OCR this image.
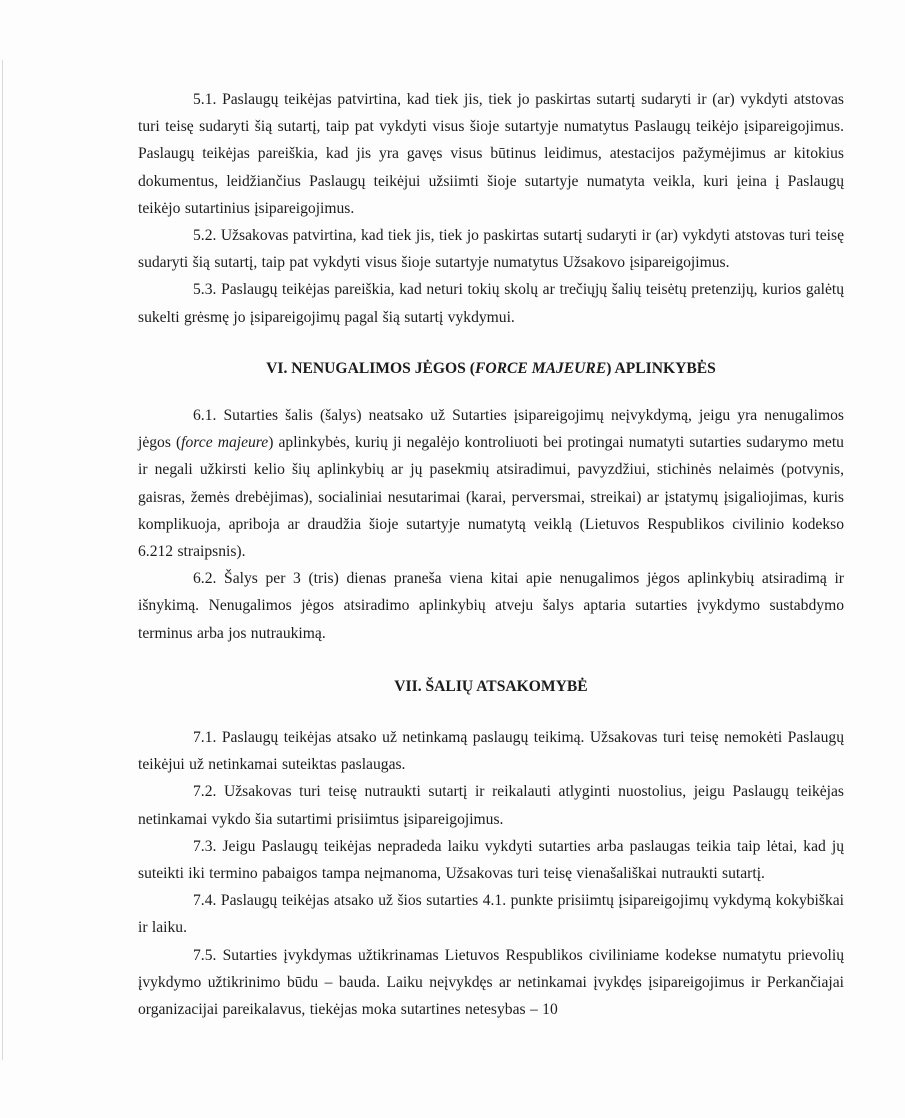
5.1. Paslaugų teikėjas patvirtina, kad tiek jis, tiek jo paskirtas sutartį sudaryti ir (ar) vykdyti atstovas turi teisę sudaryti šią sutartį, taip pat vykdyti visus šioje sutartyje numatytus Paslaugų teikėjo įsipareigojimus. Paslaugų teikėjas pareiškia, kad jis yra gavęs visus būtinus leidimus, atestacijos pažymėjimus ar kitokius dokumentus, leidžiančius Paslaugų teikėjui užsiimti šioje sutartyje numatyta veikla, kuri įeina į Paslaugų teikėjo sutartinius įsipareigojimus.

5.2. Užsakovas patvirtina, kad tiek jis, tiek jo paskirtas sutartį sudaryti ir (ar) vykdyti atstovas turi teisę sudaryti šią sutartį, taip pat vykdyti visus šioje sutartyje numatytus Užsakovo įsipareigojimus.

5.3. Paslaugų teikėjas pareiškia, kad neturi tokių skolų ar trečiųjų šalių teisėtų pretenzijų, kurios galėtų sukelti grėsmę jo įsipareigojimų pagal šią sutartį vykdymui.

VI. NENUGALIMOS JĖGOS (FORCE MAJEURE) APLINKYBĖS

6.1. Sutarties šalis (šalys) neatsako už Sutarties įsipareigojimų neįvykdymą, jeigu yra nenugalimos jėgos (force majeure) aplinkybės, kurių ji negalėjo kontroliuoti bei protingai numatyti sutarties sudarymo metu ir negali užkirsti kelio šių aplinkybių ar jų pasekmių atsiradimui, pavyzdžiui, stichinės nelaimės (potvynis, gaisras, žemės drebėjimas), socialiniai nesutarimai (karai, perversmai, streikai) ar įstatymų įsigaliojimas, kuris komplikuoja, apriboja ar draudžia šioje sutartyje numatytą veiklą (Lietuvos Respublikos civilinio kodekso 6.212 straipsnis).

6.2. Šalys per 3 (tris) dienas praneša viena kitai apie nenugalimos jėgos aplinkybių atsiradimą ir išnykimą. Nenugalimos jėgos atsiradimo aplinkybių atveju šalys aptaria sutarties įvykdymo sustabdymo terminus arba jos nutraukimą.

VII. ŠALIŲ ATSAKOMYBĖ

7.1. Paslaugų teikėjas atsako už netinkamą paslaugų teikimą. Užsakovas turi teisę nemokėti Paslaugų teikėjui už netinkamai suteiktas paslaugas.

7.2. Užsakovas turi teisę nutraukti sutartį ir reikalauti atlyginti nuostolius, jeigu Paslaugų teikėjas netinkamai vykdo šia sutartimi prisiimtus įsipareigojimus.

7.3. Jeigu Paslaugų teikėjas nepradeda laiku vykdyti sutarties arba paslaugas teikia taip lėtai, kad jų suteikti iki termino pabaigos tampa neįmanoma, Užsakovas turi teisę vienašališkai nutraukti sutartį.

7.4. Paslaugų teikėjas atsako už šios sutarties 4.1. punkte prisiimtų įsipareigojimų vykdymą kokybiškai ir laiku.

7.5. Sutarties įvykdymas užtikrinamas Lietuvos Respublikos civiliniame kodekse numatytu prievolių įvykdymo užtikrinimo būdu – bauda. Laiku neįvykdęs ar netinkamai įvykdęs įsipareigojimus ir Perkančiajai organizacijai pareikalavus, tiekėjas moka sutartines netesybas – 10
